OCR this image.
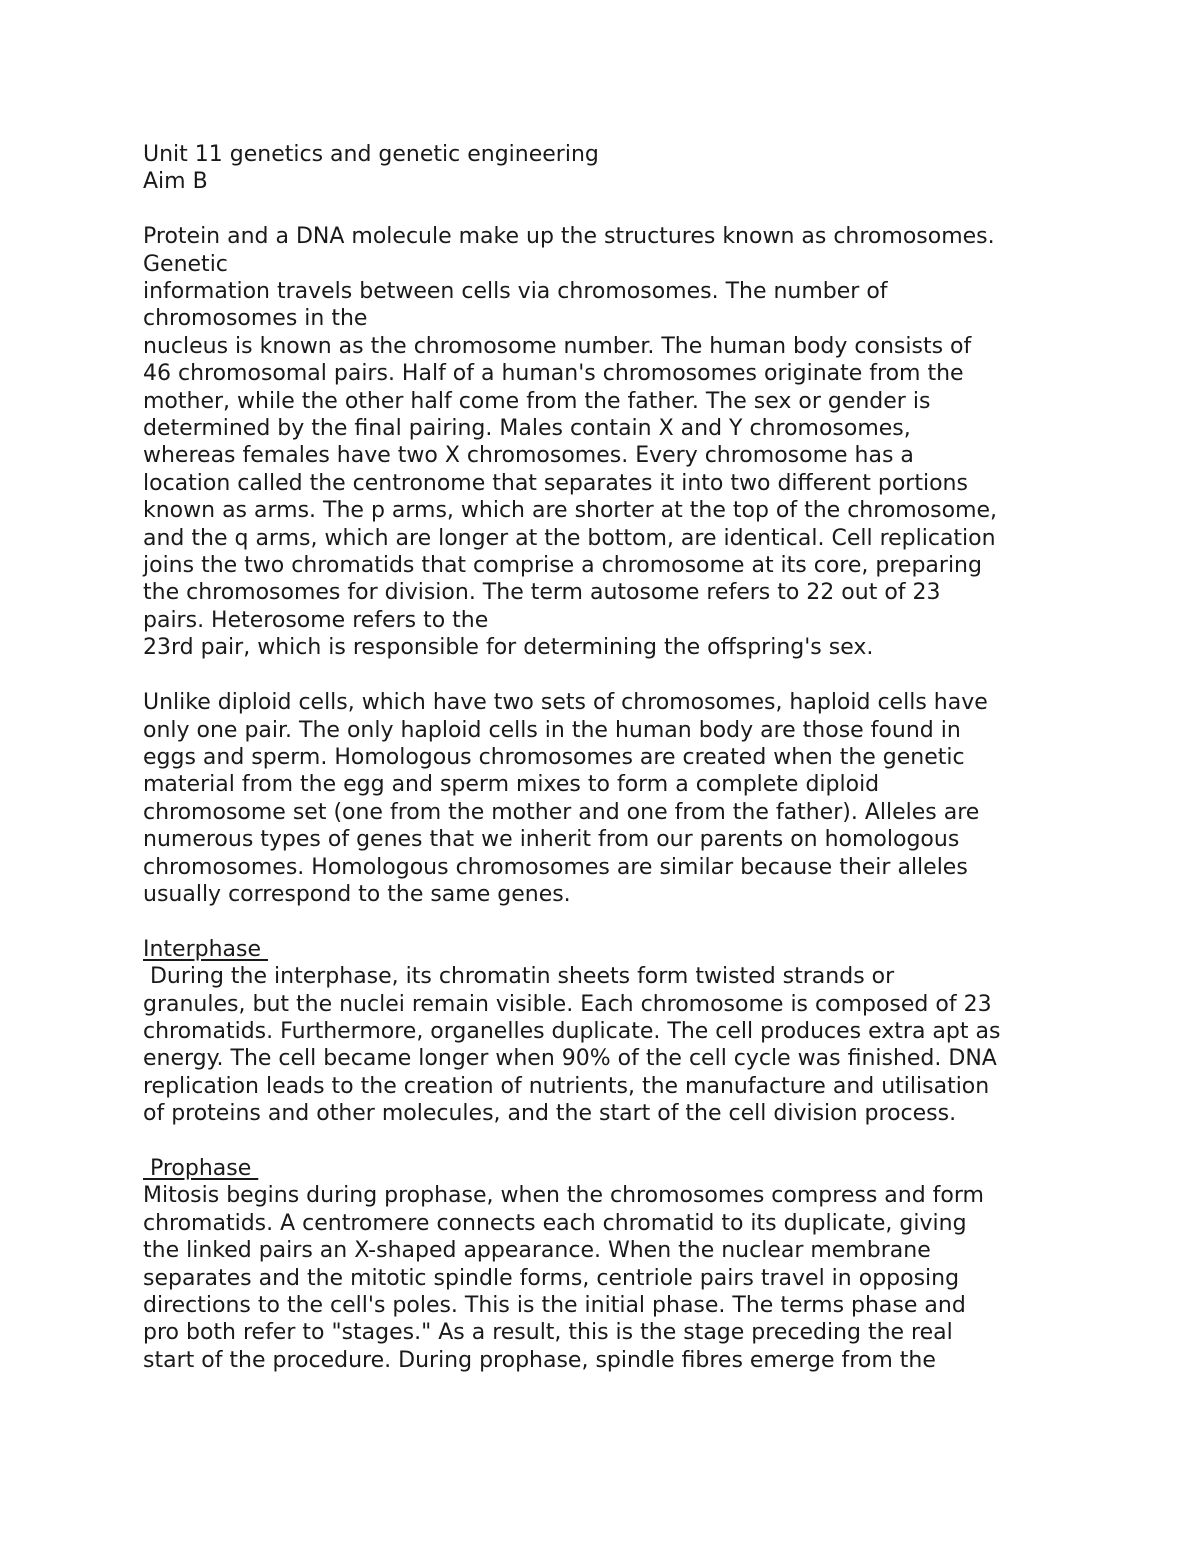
Unit 11 genetics and genetic engineering
Aim B
Protein and a DNA molecule make up the structures known as chromosomes.
Genetic
information travels between cells via chromosomes. The number of
chromosomes in the
nucleus is known as the chromosome number. The human body consists of
46 chromosomal pairs. Half of a human's chromosomes originate from the
mother, while the other half come from the father. The sex or gender is
determined by the final pairing. Males contain X and Y chromosomes,
whereas females have two X chromosomes. Every chromosome has a
location called the centronome that separates it into two different portions
known as arms. The p arms, which are shorter at the top of the chromosome,
and the q arms, which are longer at the bottom, are identical. Cell replication
joins the two chromatids that comprise a chromosome at its core, preparing
the chromosomes for division. The term autosome refers to 22 out of 23
pairs. Heterosome refers to the
23rd pair, which is responsible for determining the offspring's sex.
Unlike diploid cells, which have two sets of chromosomes, haploid cells have
only one pair. The only haploid cells in the human body are those found in
eggs and sperm. Homologous chromosomes are created when the genetic
material from the egg and sperm mixes to form a complete diploid
chromosome set (one from the mother and one from the father). Alleles are
numerous types of genes that we inherit from our parents on homologous
chromosomes. Homologous chromosomes are similar because their alleles
usually correspond to the same genes.
Interphase
During the interphase, its chromatin sheets form twisted strands or
granules, but the nuclei remain visible. Each chromosome is composed of 23
chromatids. Furthermore, organelles duplicate. The cell produces extra apt as
energy. The cell became longer when 90% of the cell cycle was finished. DNA
replication leads to the creation of nutrients, the manufacture and utilisation
of proteins and other molecules, and the start of the cell division process.
Prophase
Mitosis begins during prophase, when the chromosomes compress and form
chromatids. A centromere connects each chromatid to its duplicate, giving
the linked pairs an X-shaped appearance. When the nuclear membrane
separates and the mitotic spindle forms, centriole pairs travel in opposing
directions to the cell's poles. This is the initial phase. The terms phase and
pro both refer to "stages." As a result, this is the stage preceding the real
start of the procedure. During prophase, spindle fibres emerge from the
